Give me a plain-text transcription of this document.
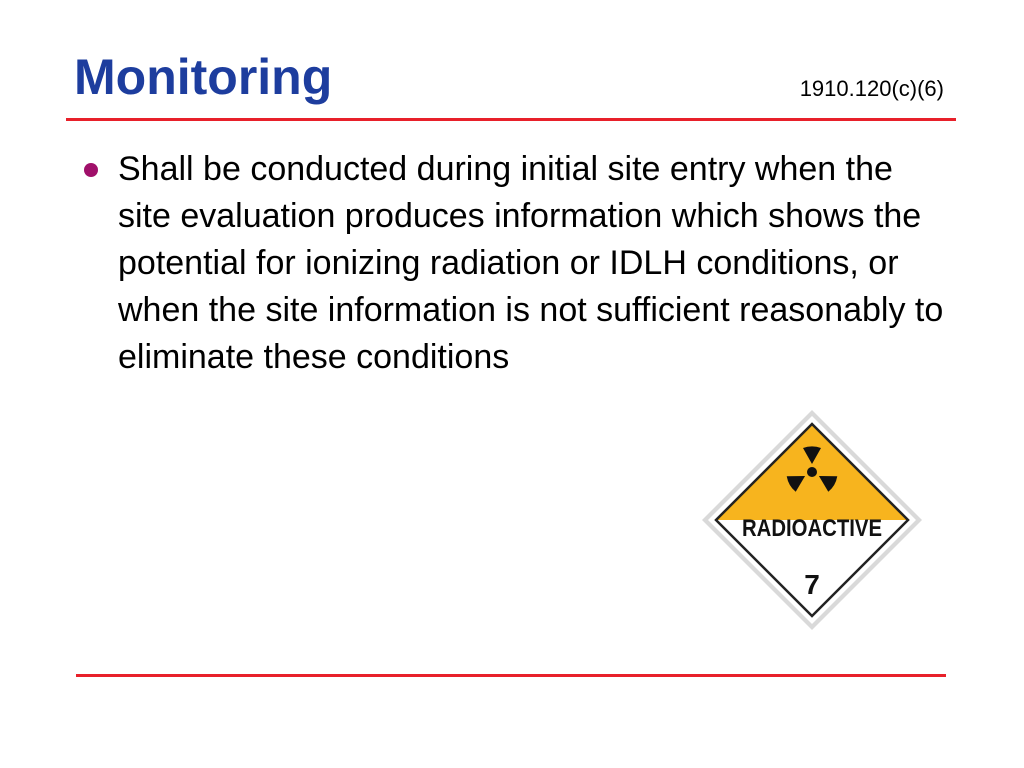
Monitoring	1910.120(c)(6)
Shall be conducted during initial site entry when the site evaluation produces information which shows the potential for ionizing radiation or IDLH conditions, or when the site information is not sufficient reasonably to eliminate these conditions
RADIOACTIVE
7
